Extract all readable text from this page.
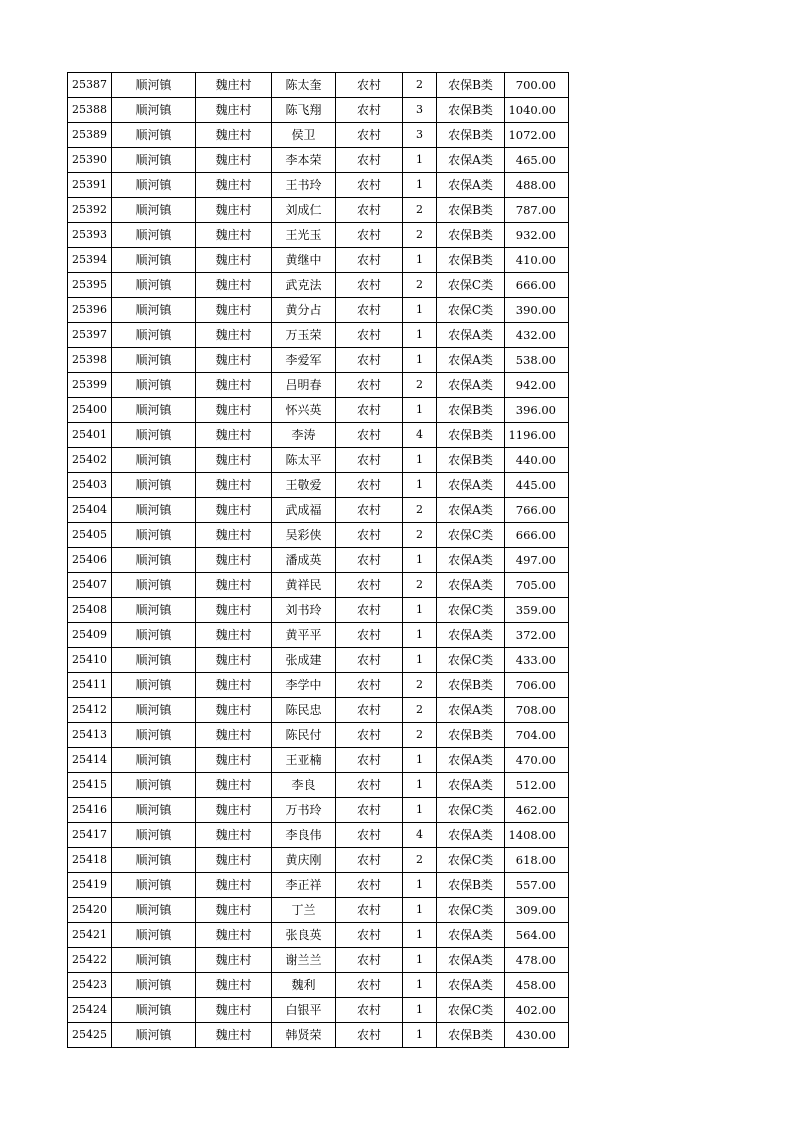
25387	顺河镇	魏庄村	陈太奎	农村	2	农保B类	700.00
25388	顺河镇	魏庄村	陈飞翔	农村	3	农保B类	1040.00
25389	顺河镇	魏庄村	侯卫	农村	3	农保B类	1072.00
25390	顺河镇	魏庄村	李本荣	农村	1	农保A类	465.00
25391	顺河镇	魏庄村	王书玲	农村	1	农保A类	488.00
25392	顺河镇	魏庄村	刘成仁	农村	2	农保B类	787.00
25393	顺河镇	魏庄村	王光玉	农村	2	农保B类	932.00
25394	顺河镇	魏庄村	黄继中	农村	1	农保B类	410.00
25395	顺河镇	魏庄村	武克法	农村	2	农保C类	666.00
25396	顺河镇	魏庄村	黄分占	农村	1	农保C类	390.00
25397	顺河镇	魏庄村	万玉荣	农村	1	农保A类	432.00
25398	顺河镇	魏庄村	李爱军	农村	1	农保A类	538.00
25399	顺河镇	魏庄村	吕明春	农村	2	农保A类	942.00
25400	顺河镇	魏庄村	怀兴英	农村	1	农保B类	396.00
25401	顺河镇	魏庄村	李涛	农村	4	农保B类	1196.00
25402	顺河镇	魏庄村	陈太平	农村	1	农保B类	440.00
25403	顺河镇	魏庄村	王敬爱	农村	1	农保A类	445.00
25404	顺河镇	魏庄村	武成福	农村	2	农保A类	766.00
25405	顺河镇	魏庄村	吴彩侠	农村	2	农保C类	666.00
25406	顺河镇	魏庄村	潘成英	农村	1	农保A类	497.00
25407	顺河镇	魏庄村	黄祥民	农村	2	农保A类	705.00
25408	顺河镇	魏庄村	刘书玲	农村	1	农保C类	359.00
25409	顺河镇	魏庄村	黄平平	农村	1	农保A类	372.00
25410	顺河镇	魏庄村	张成建	农村	1	农保C类	433.00
25411	顺河镇	魏庄村	李学中	农村	2	农保B类	706.00
25412	顺河镇	魏庄村	陈民忠	农村	2	农保A类	708.00
25413	顺河镇	魏庄村	陈民付	农村	2	农保B类	704.00
25414	顺河镇	魏庄村	王亚楠	农村	1	农保A类	470.00
25415	顺河镇	魏庄村	李良	农村	1	农保A类	512.00
25416	顺河镇	魏庄村	万书玲	农村	1	农保C类	462.00
25417	顺河镇	魏庄村	李良伟	农村	4	农保A类	1408.00
25418	顺河镇	魏庄村	黄庆刚	农村	2	农保C类	618.00
25419	顺河镇	魏庄村	李正祥	农村	1	农保B类	557.00
25420	顺河镇	魏庄村	丁兰	农村	1	农保C类	309.00
25421	顺河镇	魏庄村	张良英	农村	1	农保A类	564.00
25422	顺河镇	魏庄村	谢兰兰	农村	1	农保A类	478.00
25423	顺河镇	魏庄村	魏利	农村	1	农保A类	458.00
25424	顺河镇	魏庄村	白银平	农村	1	农保C类	402.00
25425	顺河镇	魏庄村	韩贤荣	农村	1	农保B类	430.00
